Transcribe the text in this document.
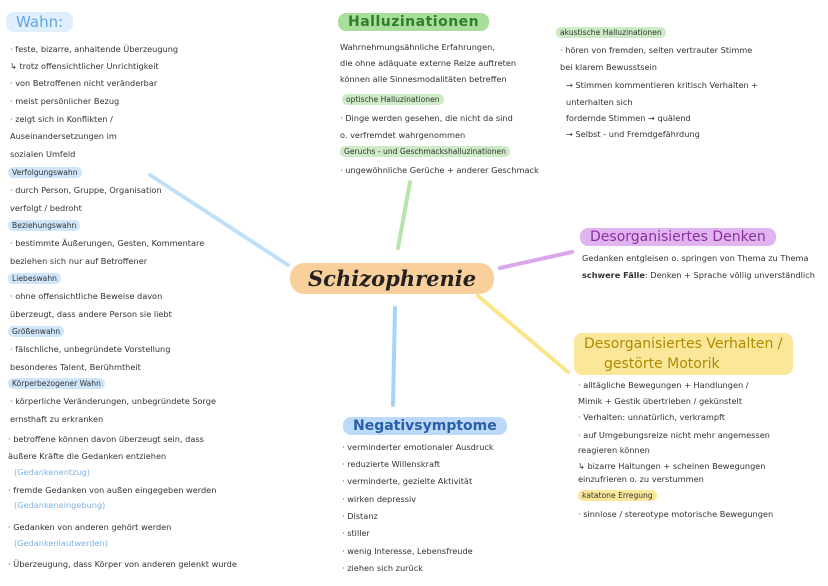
Schizophrenie
Wahn:
· feste, bizarre, anhaltende Überzeugung
↳ trotz offensichtlicher Unrichtigkeit
· von Betroffenen nicht veränderbar
· meist persönlicher Bezug
· zeigt sich in Konflikten /
Auseinandersetzungen im
sozialen Umfeld
Verfolgungswahn
· durch Person, Gruppe, Organisation
verfolgt / bedroht
Beziehungswahn
· bestimmte Äußerungen, Gesten, Kommentare
beziehen sich nur auf Betroffener
Liebeswahn
· ohne offensichtliche Beweise davon
überzeugt, dass andere Person sie liebt
Größenwahn
· fälschliche, unbegründete Vorstellung
besonderes Talent, Berühmtheit
Körperbezogener Wahn
· körperliche Veränderungen, unbegründete Sorge
ernsthaft zu erkranken
· betroffene können davon überzeugt sein, dass
äußere Kräfte die Gedanken entziehen
(Gedankenentzug)
· fremde Gedanken von außen eingegeben werden
(Gedankeneingebung)
· Gedanken von anderen gehört werden
(Gedankenlautwerden)
· Überzeugung, dass Körper von anderen gelenkt wurde
Halluzinationen
Wahrnehmungsähnliche Erfahrungen,
die ohne adäquate externe Reize auftreten
können alle Sinnesmodalitäten betreffen
optische Halluzinationen
· Dinge werden gesehen, die nicht da sind
o. verfremdet wahrgenommen
Geruchs - und Geschmackshalluzinationen
· ungewöhnliche Gerüche + anderer Geschmack
akustische Halluzinationen
· hören von fremden, selten vertrauter Stimme
bei klarem Bewusstsein
→ Stimmen kommentieren kritisch Verhalten +
unterhalten sich
fordernde Stimmen → quälend
→ Selbst - und Fremdgefährdung
Desorganisiertes Denken
Gedanken entgleisen o. springen von Thema zu Thema
schwere Fälle: Denken + Sprache völlig unverständlich
Desorganisiertes Verhalten /
gestörte Motorik
· alltägliche Bewegungen + Handlungen /
Mimik + Gestik übertrieben / gekünstelt
· Verhalten: unnatürlich, verkrampft
· auf Umgebungsreize nicht mehr angemessen
reagieren können
↳ bizarre Haltungen + scheinen Bewegungen
einzufrieren o. zu verstummen
katatone Erregung
· sinnlose / stereotype motorische Bewegungen
Negativsymptome
· verminderter emotionaler Ausdruck
· reduzierte Willenskraft
· verminderte, gezielte Aktivität
· wirken depressiv
· Distanz
· stiller
· wenig Interesse, Lebensfreude
· ziehen sich zurück
